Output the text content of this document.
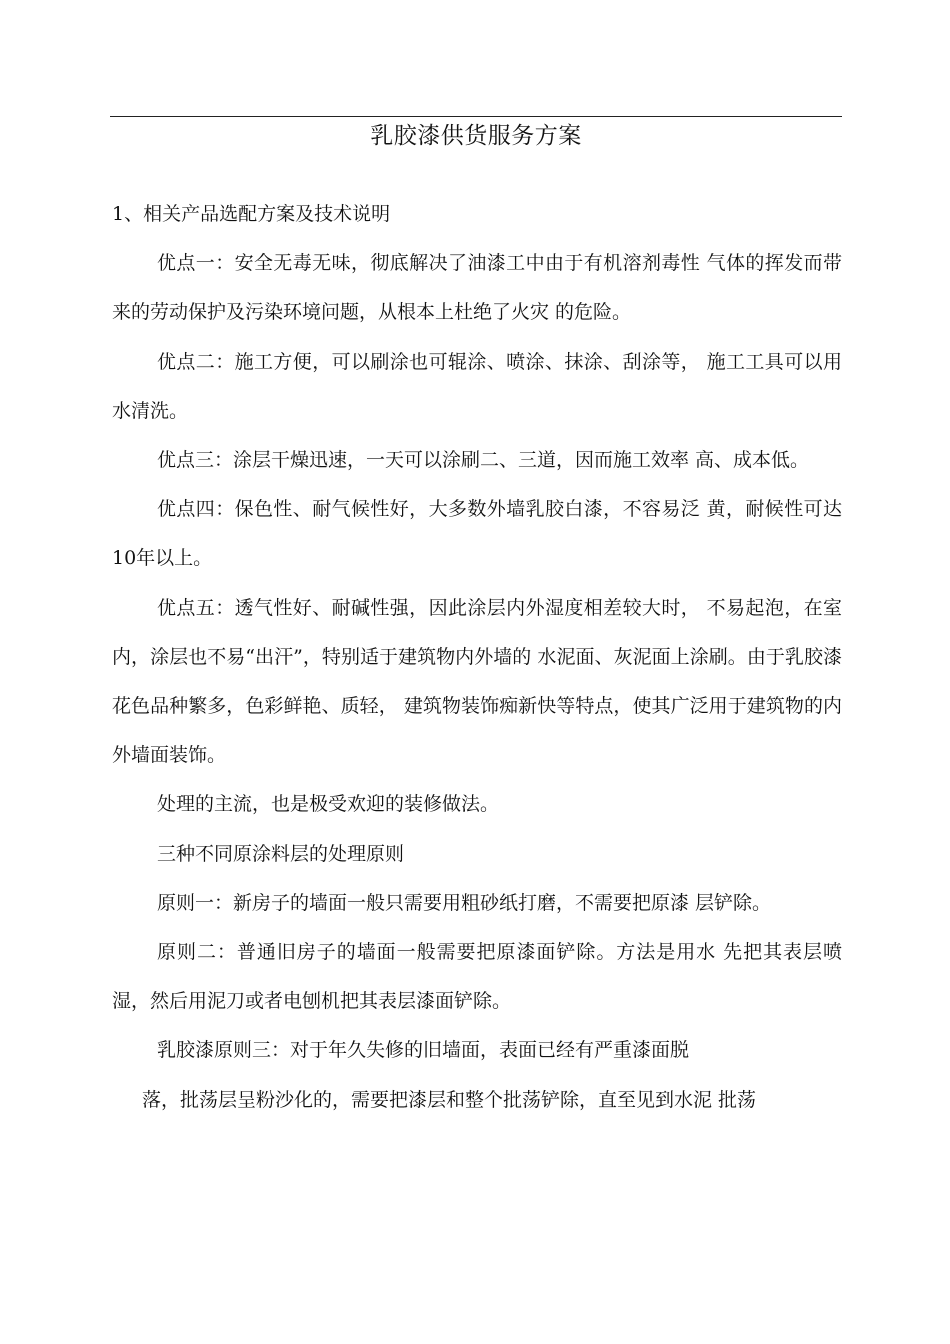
乳胶漆供货服务方案

1、相关产品选配方案及技术说明

优点一：安全无毒无味，彻底解决了油漆工中由于有机溶剂毒性 气体的挥发而带来的劳动保护及污染环境问题，从根本上杜绝了火灾 的危险。

优点二：施工方便，可以刷涂也可辊涂、喷涂、抹涂、刮涂等， 施工工具可以用水清洗。

优点三：涂层干燥迅速，一天可以涂刷二、三道，因而施工效率 高、成本低。

优点四：保色性、耐气候性好，大多数外墙乳胶白漆，不容易泛 黄，耐候性可达10年以上。

优点五：透气性好、耐碱性强，因此涂层内外湿度相差较大时， 不易起泡，在室内，涂层也不易“出汗”，特别适于建筑物内外墙的 水泥面、灰泥面上涂刷。由于乳胶漆花色品种繁多，色彩鲜艳、质轻， 建筑物装饰痴新快等特点，使其广泛用于建筑物的内外墙面装饰。

处理的主流，也是极受欢迎的装修做法。

三种不同原涂料层的处理原则

原则一：新房子的墙面一般只需要用粗砂纸打磨，不需要把原漆 层铲除。

原则二：普通旧房子的墙面一般需要把原漆面铲除。方法是用水 先把其表层喷湿，然后用泥刀或者电刨机把其表层漆面铲除。

乳胶漆原则三：对于年久失修的旧墙面，表面已经有严重漆面脱

落，批荡层呈粉沙化的，需要把漆层和整个批荡铲除，直至见到水泥 批荡
